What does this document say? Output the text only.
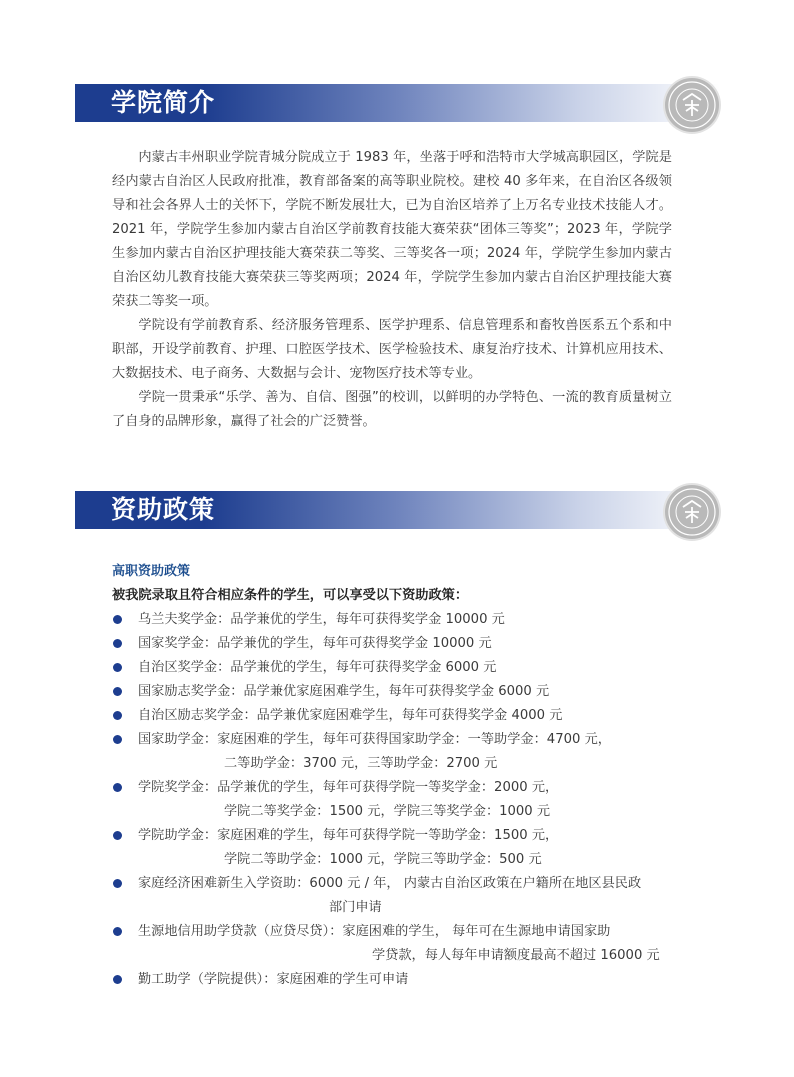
学院简介

内蒙古丰州职业学院青城分院成立于 1983 年，坐落于呼和浩特市大学城高职园区，学院是经内蒙古自治区人民政府批准，教育部备案的高等职业院校。建校 40 多年来，在自治区各级领导和社会各界人士的关怀下，学院不断发展壮大，已为自治区培养了上万名专业技术技能人才。2021 年，学院学生参加内蒙古自治区学前教育技能大赛荣获“团体三等奖”；2023 年，学院学生参加内蒙古自治区护理技能大赛荣获二等奖、三等奖各一项；2024 年，学院学生参加内蒙古自治区幼儿教育技能大赛荣获三等奖两项；2024 年，学院学生参加内蒙古自治区护理技能大赛荣获二等奖一项。

学院设有学前教育系、经济服务管理系、医学护理系、信息管理系和畜牧兽医系五个系和中职部，开设学前教育、护理、口腔医学技术、医学检验技术、康复治疗技术、计算机应用技术、大数据技术、电子商务、大数据与会计、宠物医疗技术等专业。

学院一贯秉承“乐学、善为、自信、图强”的校训，以鲜明的办学特色、一流的教育质量树立了自身的品牌形象，赢得了社会的广泛赞誉。

资助政策
高职资助政策
被我院录取且符合相应条件的学生，可以享受以下资助政策：
乌兰夫奖学金：品学兼优的学生，每年可获得奖学金 10000 元
国家奖学金：品学兼优的学生，每年可获得奖学金 10000 元
自治区奖学金：品学兼优的学生，每年可获得奖学金 6000 元
国家励志奖学金：品学兼优家庭困难学生，每年可获得奖学金 6000 元
自治区励志奖学金：品学兼优家庭困难学生，每年可获得奖学金 4000 元
国家助学金：家庭困难的学生，每年可获得国家助学金：一等助学金：4700 元，
二等助学金：3700 元，三等助学金：2700 元
学院奖学金：品学兼优的学生，每年可获得学院一等奖学金：2000 元，
学院二等奖学金：1500 元，学院三等奖学金：1000 元
学院助学金：家庭困难的学生，每年可获得学院一等助学金：1500 元，
学院二等助学金：1000 元，学院三等助学金：500 元
家庭经济困难新生入学资助：6000 元 / 年， 内蒙古自治区政策在户籍所在地区县民政
部门申请
生源地信用助学贷款（应贷尽贷）：家庭困难的学生， 每年可在生源地申请国家助
学贷款，每人每年申请额度最高不超过 16000 元
勤工助学（学院提供）：家庭困难的学生可申请
